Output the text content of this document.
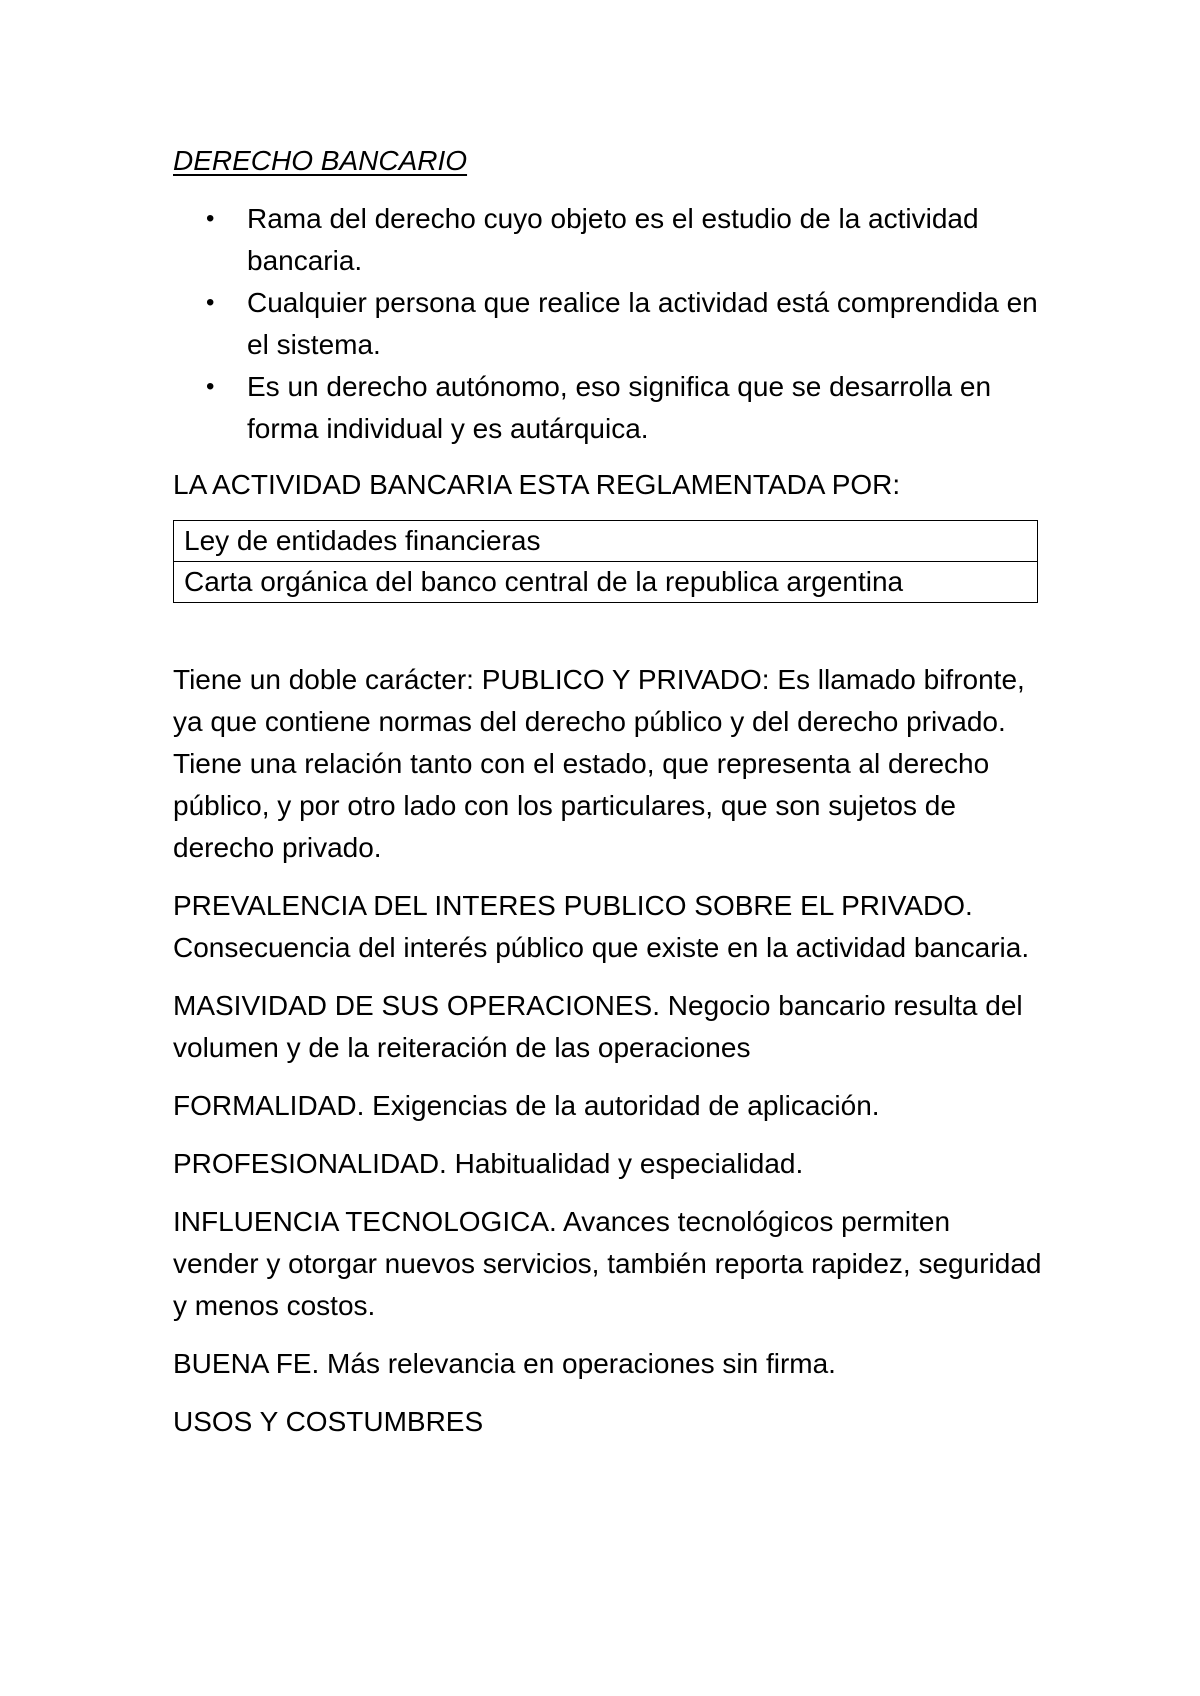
DERECHO BANCARIO
• Rama del derecho cuyo objeto es el estudio de la actividad bancaria.
• Cualquier persona que realice la actividad está comprendida en el sistema.
• Es un derecho autónomo, eso significa que se desarrolla en forma individual y es autárquica.

LA ACTIVIDAD BANCARIA ESTA REGLAMENTADA POR:

Ley de entidades financieras
Carta orgánica del banco central de la republica argentina

Tiene un doble carácter: PUBLICO Y PRIVADO: Es llamado bifronte, ya que contiene normas del derecho público y del derecho privado. Tiene una relación tanto con el estado, que representa al derecho público, y por otro lado con los particulares, que son sujetos de derecho privado.

PREVALENCIA DEL INTERES PUBLICO SOBRE EL PRIVADO. Consecuencia del interés público que existe en la actividad bancaria.

MASIVIDAD DE SUS OPERACIONES. Negocio bancario resulta del volumen y de la reiteración de las operaciones

FORMALIDAD. Exigencias de la autoridad de aplicación.

PROFESIONALIDAD. Habitualidad y especialidad.

INFLUENCIA TECNOLOGICA. Avances tecnológicos permiten vender y otorgar nuevos servicios, también reporta rapidez, seguridad y menos costos.

BUENA FE. Más relevancia en operaciones sin firma.

USOS Y COSTUMBRES
